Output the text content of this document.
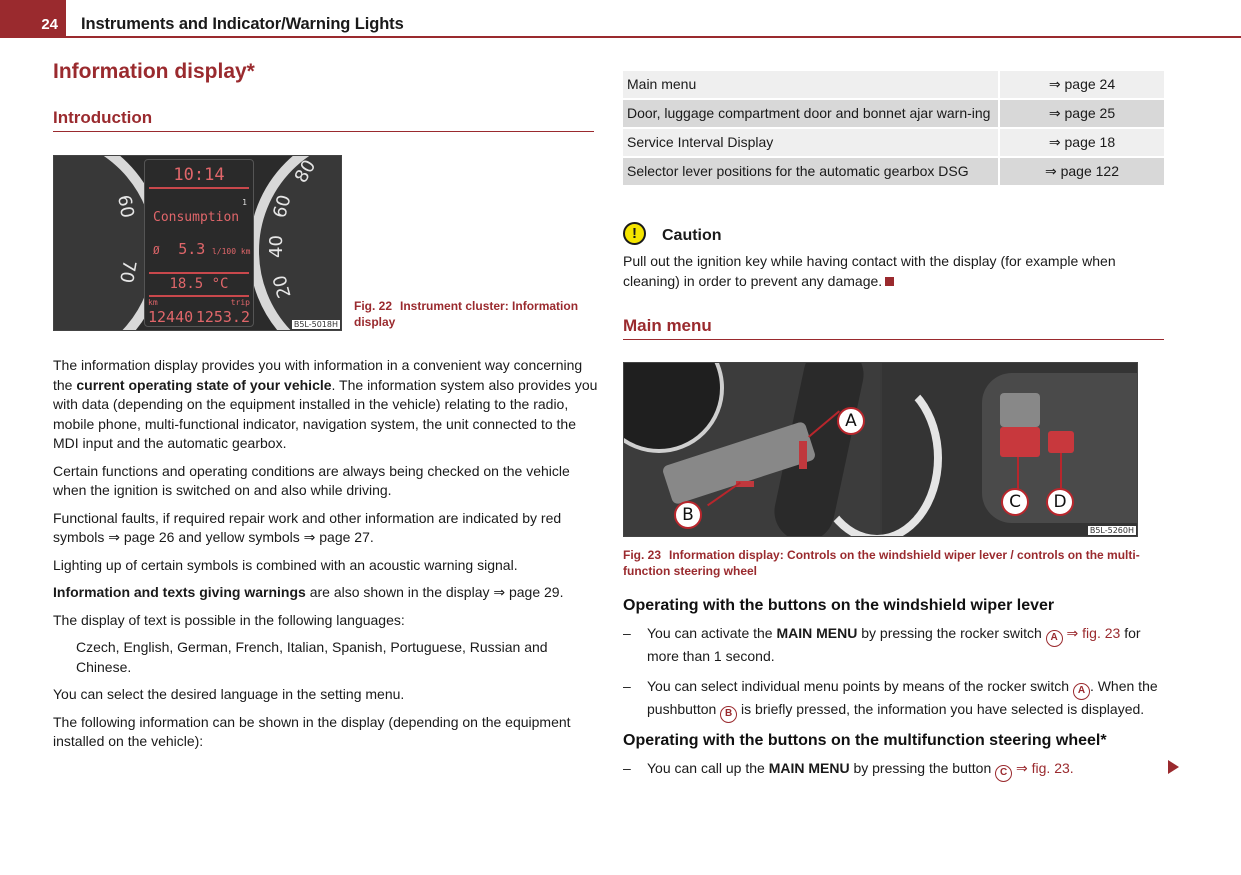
24	Instruments and Indicator/Warning Lights
Information display*
Introduction
60
70
80
60
40
20
10:14
1
Consumption
Ø 5.3 l/100 km
18.5 °C
km	trip
12440 1253.2	B5L-5018H
Fig. 22 Instrument cluster: Information display

The information display provides you with information in a convenient way concerning the current operating state of your vehicle. The information system also provides you with data (depending on the equipment installed in the vehicle) relating to the radio, mobile phone, multi-functional indicator, navigation system, the unit connected to the MDI input and the automatic gearbox.

Certain functions and operating conditions are always being checked on the vehicle when the ignition is switched on and also while driving.

Functional faults, if required repair work and other information are indicated by red symbols ⇒ page 26 and yellow symbols ⇒ page 27.

Lighting up of certain symbols is combined with an acoustic warning signal.

Information and texts giving warnings are also shown in the display ⇒ page 29.

The display of text is possible in the following languages:

Czech, English, German, French, Italian, Spanish, Portuguese, Russian and Chinese.

You can select the desired language in the setting menu.

The following information can be shown in the display (depending on the equipment installed on the vehicle):

Main menu	⇒ page 24
Door, luggage compartment door and bonnet ajar warn-ing	⇒ page 25
Service Interval Display	⇒ page 18
Selector lever positions for the automatic gearbox DSG	⇒ page 122
!	Caution
Pull out the ignition key while having contact with the display (for example when cleaning) in order to prevent any damage.
Main menu
A
B
C	D
B5L-5260H
Fig. 23 Information display: Controls on the windshield wiper lever / controls on the multi-function steering wheel
Operating with the buttons on the windshield wiper lever
– You can activate the MAIN MENU by pressing the rocker switch A ⇒ fig. 23 for more than 1 second.
– You can select individual menu points by means of the rocker switch A . When the pushbutton B is briefly pressed, the information you have selected is displayed.
Operating with the buttons on the multifunction steering wheel*
– You can call up the MAIN MENU by pressing the button C ⇒ fig. 23.
